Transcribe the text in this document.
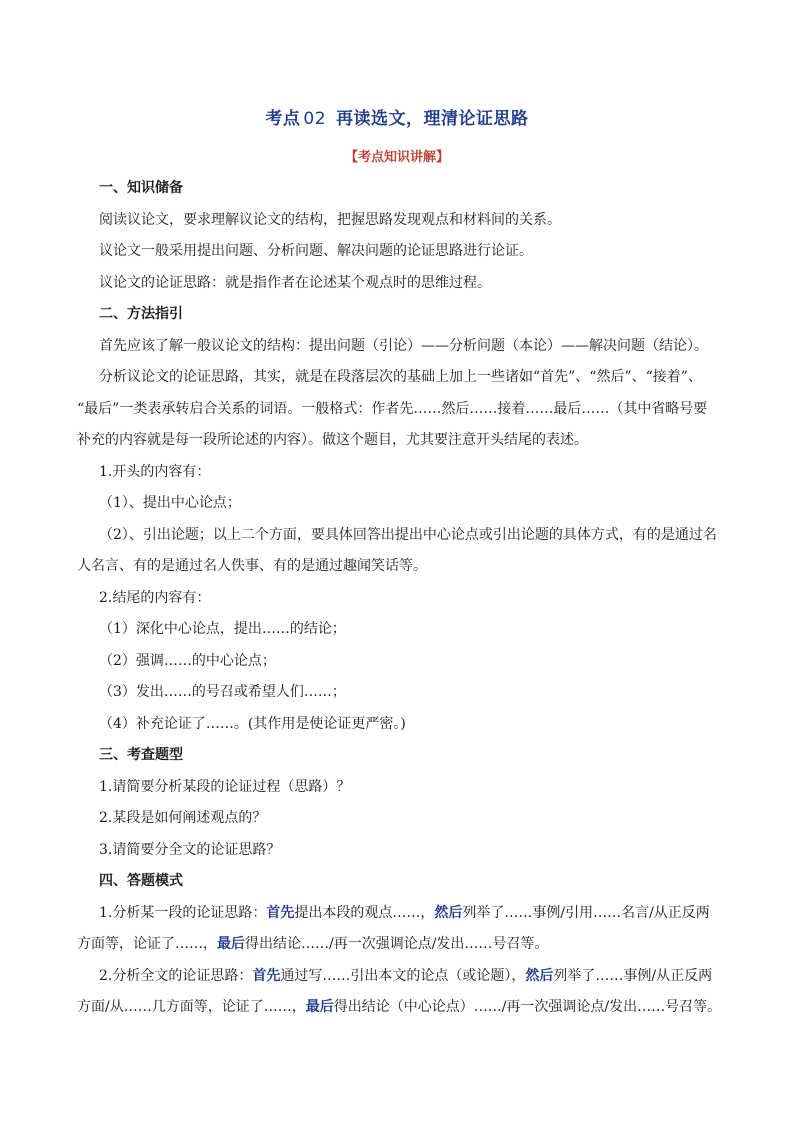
考点 02 再读选文，理清论证思路
【考点知识讲解】

一、知识储备

阅读议论文，要求理解议论文的结构，把握思路发现观点和材料间的关系。

议论文一般采用提出问题、分析问题、解决问题的论证思路进行论证。

议论文的论证思路：就是指作者在论述某个观点时的思维过程。

二、方法指引

首先应该了解一般议论文的结构：提出问题（引论）——分析问题（本论）——解决问题（结论）。

分析议论文的论证思路，其实，就是在段落层次的基础上加上一些诸如“首先”、“然后”、“接着”、

“最后”一类表承转启合关系的词语。一般格式：作者先……然后……接着……最后……（其中省略号要

补充的内容就是每一段所论述的内容）。做这个题目，尤其要注意开头结尾的表述。

1.开头的内容有：

（1）、提出中心论点；

（2）、引出论题；以上二个方面，要具体回答出提出中心论点或引出论题的具体方式，有的是通过名

人名言、有的是通过名人佚事、有的是通过趣闻笑话等。

2.结尾的内容有：

（1）深化中心论点，提出……的结论；

（2）强调……的中心论点；

（3）发出……的号召或希望人们……；

（4）补充论证了……。(其作用是使论证更严密。)

三、考查题型

1.请简要分析某段的论证过程（思路）？

2.某段是如何阐述观点的？

3.请简要分全文的论证思路？

四、答题模式

1.分析某一段的论证思路：首先提出本段的观点……，然后列举了……事例/引用……名言/从正反两

方面等，论证了……，最后得出结论……/再一次强调论点/发出……号召等。

2.分析全文的论证思路：首先通过写……引出本文的论点（或论题），然后列举了……事例/从正反两

方面/从……几方面等，论证了……，最后得出结论（中心论点）……/再一次强调论点/发出……号召等。
